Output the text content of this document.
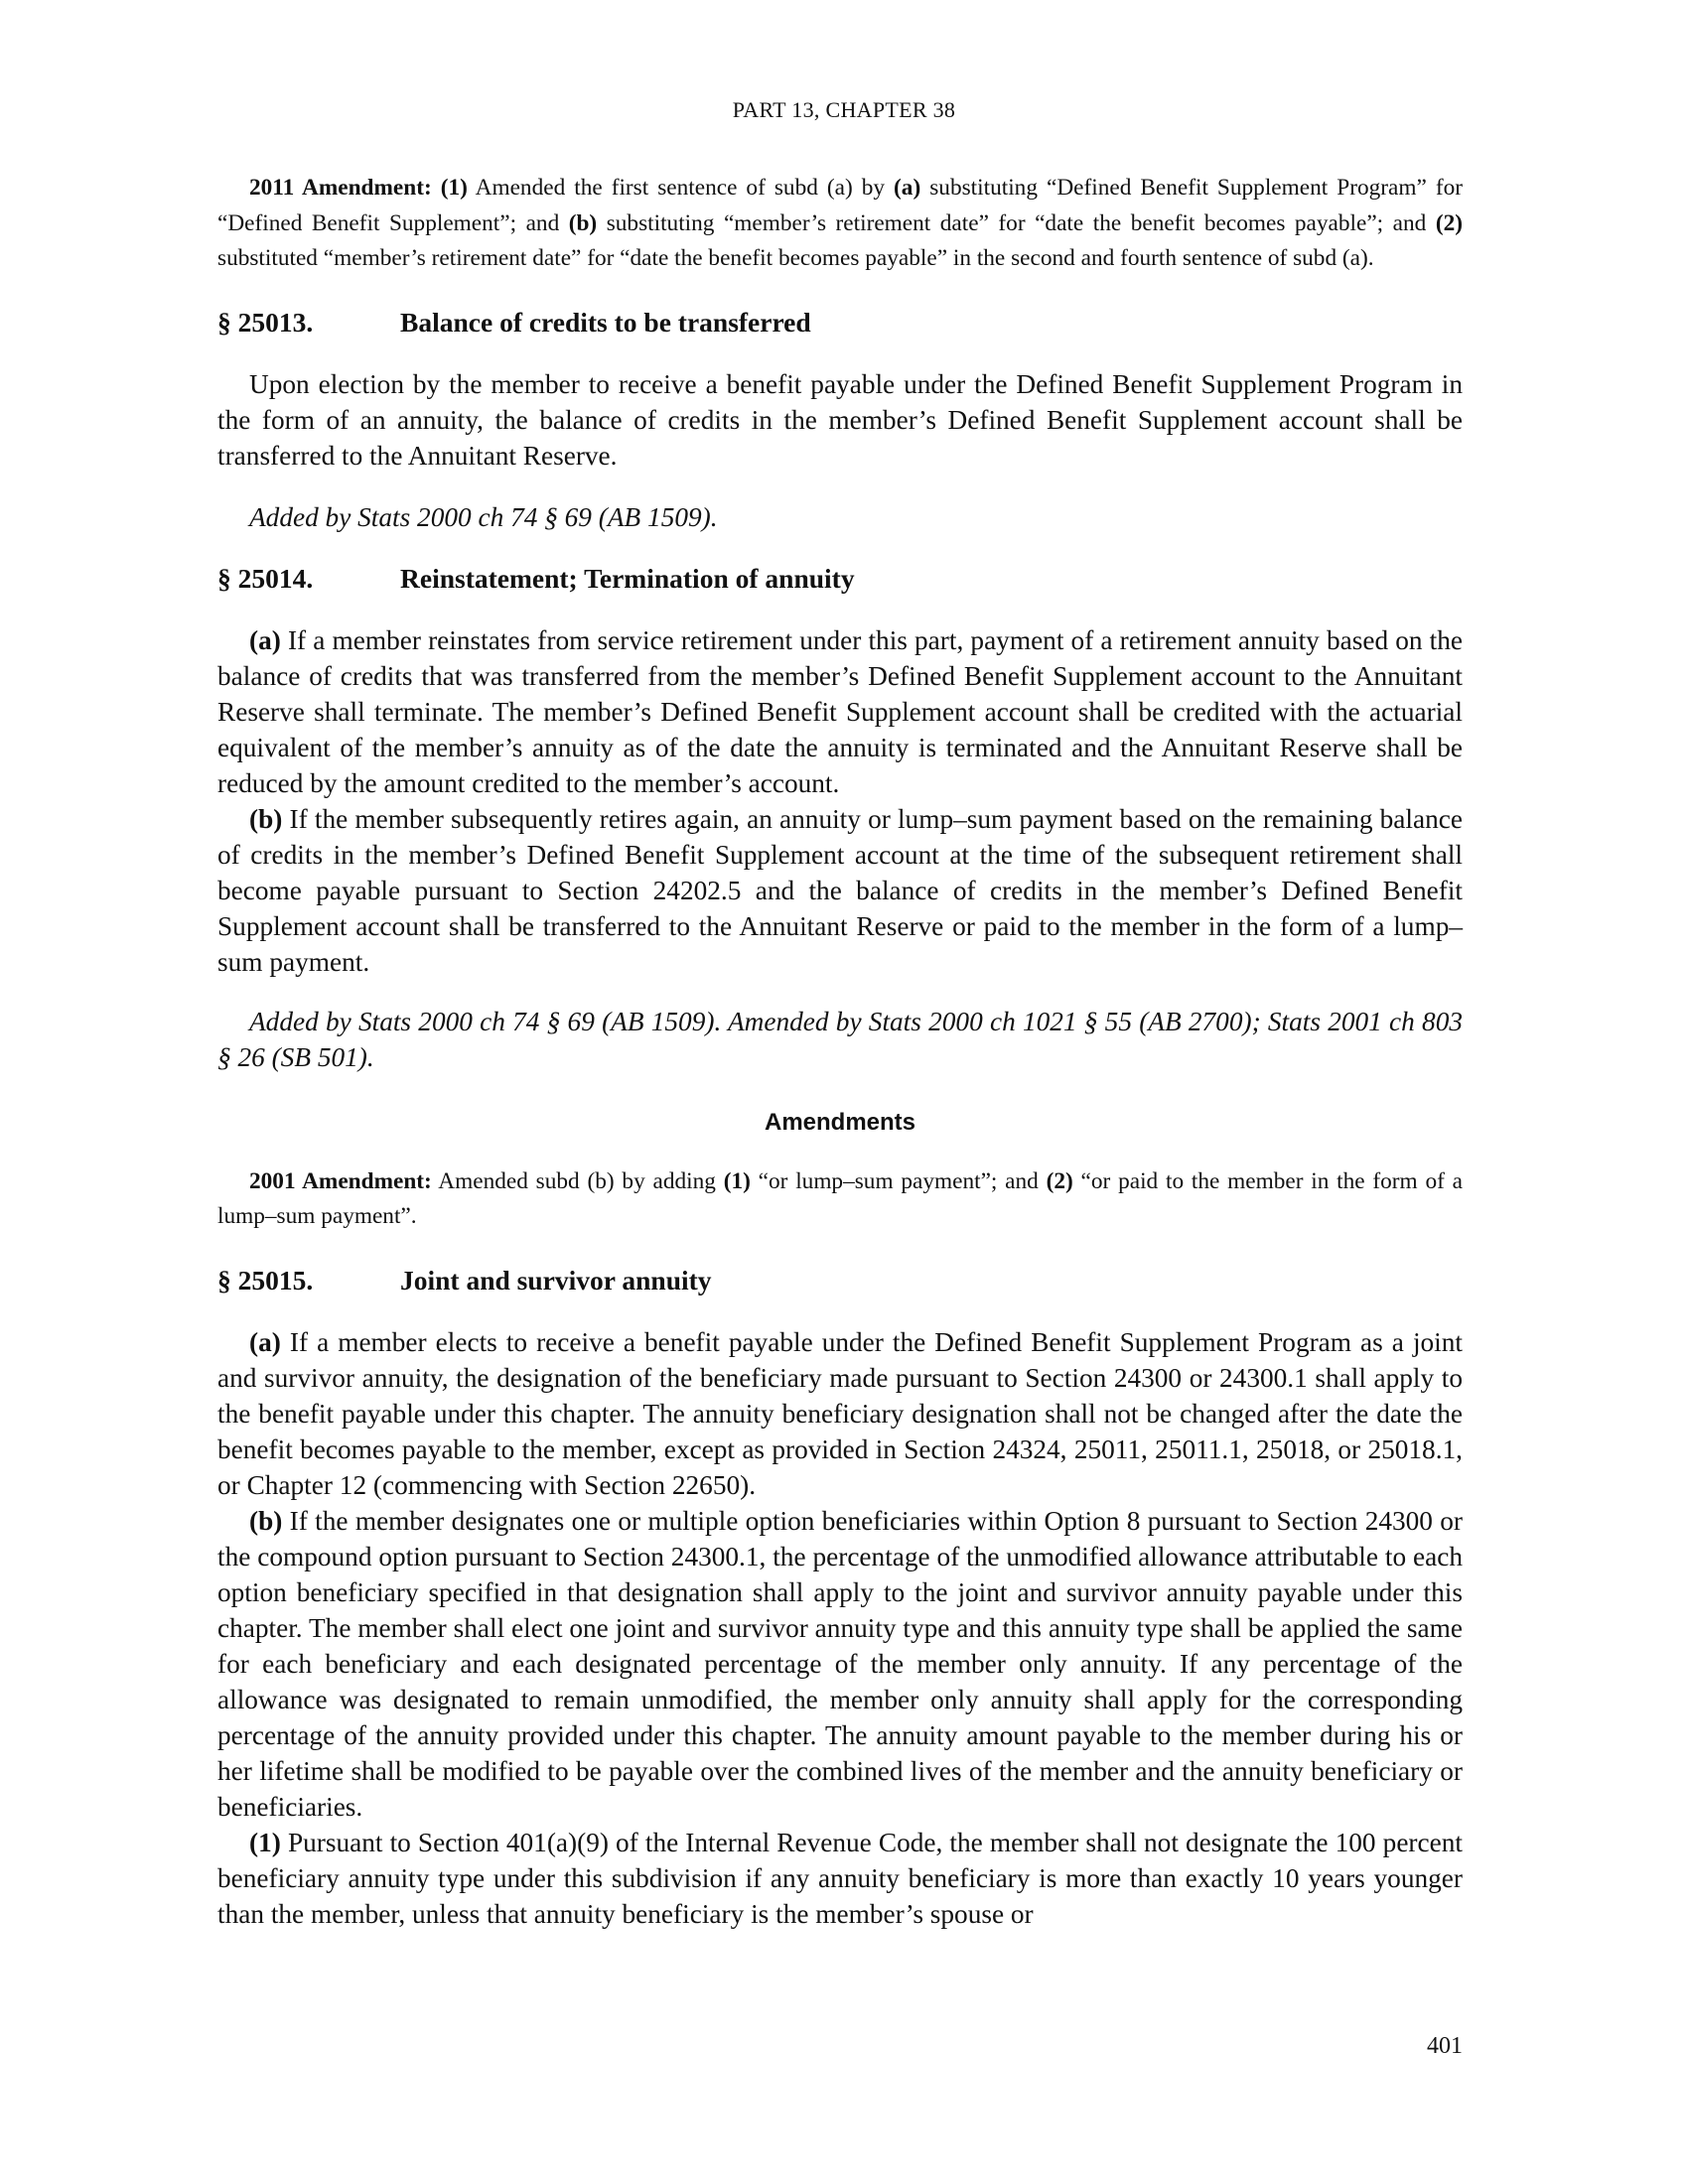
PART 13, CHAPTER 38

2011 Amendment: (1) Amended the first sentence of subd (a) by (a) substituting “Defined Benefit Supplement Program” for “Defined Benefit Supplement”; and (b) substituting “member’s retirement date” for “date the benefit becomes payable”; and (2) substituted “member’s retirement date” for “date the benefit becomes payable” in the second and fourth sentence of subd (a).

§ 25013.	Balance of credits to be transferred

Upon election by the member to receive a benefit payable under the Defined Benefit Supplement Program in the form of an annuity, the balance of credits in the member’s Defined Benefit Supplement account shall be transferred to the Annuitant Reserve.

Added by Stats 2000 ch 74 § 69 (AB 1509).

§ 25014.	Reinstatement; Termination of annuity

(a) If a member reinstates from service retirement under this part, payment of a retirement annuity based on the balance of credits that was transferred from the member’s Defined Benefit Supplement account to the Annuitant Reserve shall terminate. The member’s Defined Benefit Supplement account shall be credited with the actuarial equivalent of the member’s annuity as of the date the annuity is terminated and the Annuitant Reserve shall be reduced by the amount credited to the member’s account.

(b) If the member subsequently retires again, an annuity or lump–sum payment based on the remaining balance of credits in the member’s Defined Benefit Supplement account at the time of the subsequent retirement shall become payable pursuant to Section 24202.5 and the balance of credits in the member’s Defined Benefit Supplement account shall be transferred to the Annuitant Reserve or paid to the member in the form of a lump–sum payment.

Added by Stats 2000 ch 74 § 69 (AB 1509). Amended by Stats 2000 ch 1021 § 55 (AB 2700); Stats 2001 ch 803 § 26 (SB 501).

Amendments

2001 Amendment: Amended subd (b) by adding (1) “or lump–sum payment”; and (2) “or paid to the member in the form of a lump–sum payment”.

§ 25015.	Joint and survivor annuity

(a) If a member elects to receive a benefit payable under the Defined Benefit Supplement Program as a joint and survivor annuity, the designation of the beneficiary made pursuant to Section 24300 or 24300.1 shall apply to the benefit payable under this chapter. The annuity beneficiary designation shall not be changed after the date the benefit becomes payable to the member, except as provided in Section 24324, 25011, 25011.1, 25018, or 25018.1, or Chapter 12 (commencing with Section 22650).

(b) If the member designates one or multiple option beneficiaries within Option 8 pursuant to Section 24300 or the compound option pursuant to Section 24300.1, the percentage of the unmodified allowance attributable to each option beneficiary specified in that designation shall apply to the joint and survivor annuity payable under this chapter. The member shall elect one joint and survivor annuity type and this annuity type shall be applied the same for each beneficiary and each designated percentage of the member only annuity. If any percentage of the allowance was designated to remain unmodified, the member only annuity shall apply for the corresponding percentage of the annuity provided under this chapter. The annuity amount payable to the member during his or her lifetime shall be modified to be payable over the combined lives of the member and the annuity beneficiary or beneficiaries.

(1) Pursuant to Section 401(a)(9) of the Internal Revenue Code, the member shall not designate the 100 percent beneficiary annuity type under this subdivision if any annuity beneficiary is more than exactly 10 years younger than the member, unless that annuity beneficiary is the member’s spouse or

401
